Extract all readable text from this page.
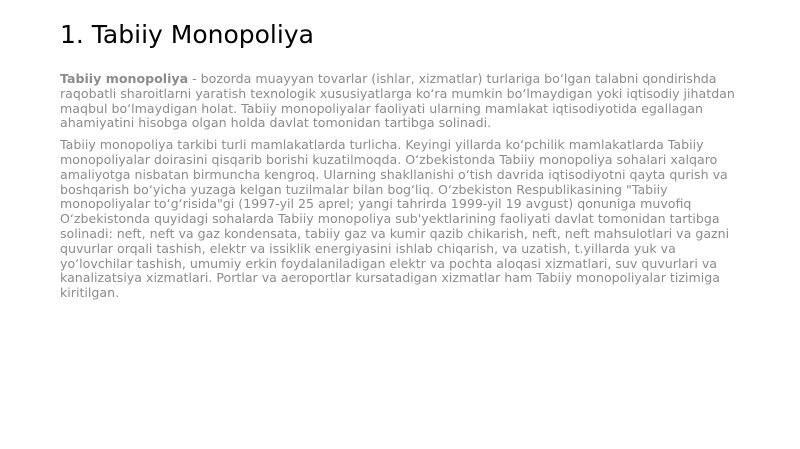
1. Tabiiy Monopoliya

Tabiiy monopoliya - bozorda muayyan tovarlar (ishlar, xizmatlar) turlariga bo‘lgan talabni qondirishda raqobatli sharoitlarni yaratish texnologik xususiyatlarga ko‘ra mumkin bo‘lmaydigan yoki iqtisodiy jihatdan maqbul bo‘lmaydigan holat. Tabiiy monopoliyalar faoliyati ularning mamlakat iqtisodiyotida egallagan ahamiyatini hisobga olgan holda davlat tomonidan tartibga solinadi.

Tabiiy monopoliya tarkibi turli mamlakatlarda turlicha. Keyingi yillarda ko‘pchilik mamlakatlarda Tabiiy monopoliyalar doirasini qisqarib borishi kuzatilmoqda. O‘zbekistonda Tabiiy monopoliya sohalari xalqaro amaliyotga nisbatan birmuncha kengroq. Ularning shakllanishi o‘tish davrida iqtisodiyotni qayta qurish va boshqarish bo‘yicha yuzaga kelgan tuzilmalar bilan bog‘liq. O‘zbekiston Respublikasining "Tabiiy monopoliyalar to‘g‘risida"gi (1997-yil 25 aprel; yangi tahrirda 1999-yil 19 avgust) qonuniga muvofiq O‘zbekistonda quyidagi sohalarda Tabiiy monopoliya sub'yektlarining faoliyati davlat tomonidan tartibga solinadi: neft, neft va gaz kondensata, tabiiy gaz va kumir qazib chikarish, neft, neft mahsulotlari va gazni quvurlar orqali tashish, elektr va issiklik energiyasini ishlab chiqarish, va uzatish, t.yillarda yuk va yo‘lovchilar tashish, umumiy erkin foydalaniladigan elektr va pochta aloqasi xizmatlari, suv quvurlari va kanalizatsiya xizmatlari. Portlar va aeroportlar kursatadigan xizmatlar ham Tabiiy monopoliyalar tizimiga kiritilgan.
